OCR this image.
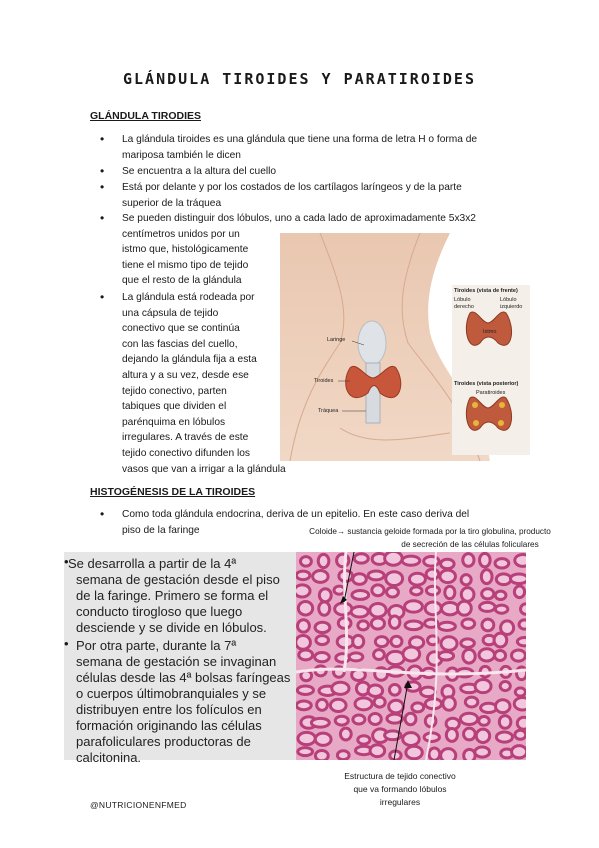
GLÁNDULA TIROIDES Y PARATIROIDES
GLÁNDULA TIRODIES
• La glándula tiroides es una glándula que tiene una forma de letra H o forma de
mariposa también le dicen
• Se encuentra a la altura del cuello
• Está por delante y por los costados de los cartílagos laríngeos y de la parte
superior de la tráquea
• Se pueden distinguir dos lóbulos, uno a cada lado de aproximadamente 5x3x2
centímetros unidos por un
istmo que, histológicamente
tiene el mismo tipo de tejido
que el resto de la glándula
• La glándula está rodeada por
una cápsula de tejido
conectivo que se continúa
con las fascias del cuello,
dejando la glándula fija a esta
altura y a su vez, desde ese
tejido conectivo, parten
tabiques que dividen el
parénquima en lóbulos
irregulares. A través de este
tejido conectivo difunden los
vasos que van a irrigar a la glándula
Laringe
Tiroides
Tráquea
Tiroides (vista de frente)
Lóbulo derecho
Lóbulo izquierdo
Istmo
Tiroides (vista posterior)
Paratiroides
HISTOGÉNESIS DE LA TIROIDES
• Como toda glándula endocrina, deriva de un epitelio. En este caso deriva del
piso de la faringe	Coloide→ sustancia geloide formada por la tiro globulina, producto
de secreción de las células foliculares
Se desarrolla a partir de la 4ª
semana de gestación desde el piso
de la faringe. Primero se forma el
conducto tirogloso que luego
desciende y se divide en lóbulos.
Por otra parte, durante la 7ª
semana de gestación se invaginan
células desde las 4ª bolsas faríngeas
o cuerpos últimobranquiales y se
distribuyen entre los folículos en
formación originando las células
parafoliculares productoras de
calcitonina.
•
•
Estructura de tejido conectivo
que va formando lóbulos
irregulares
@NUTRICIONENFMED
